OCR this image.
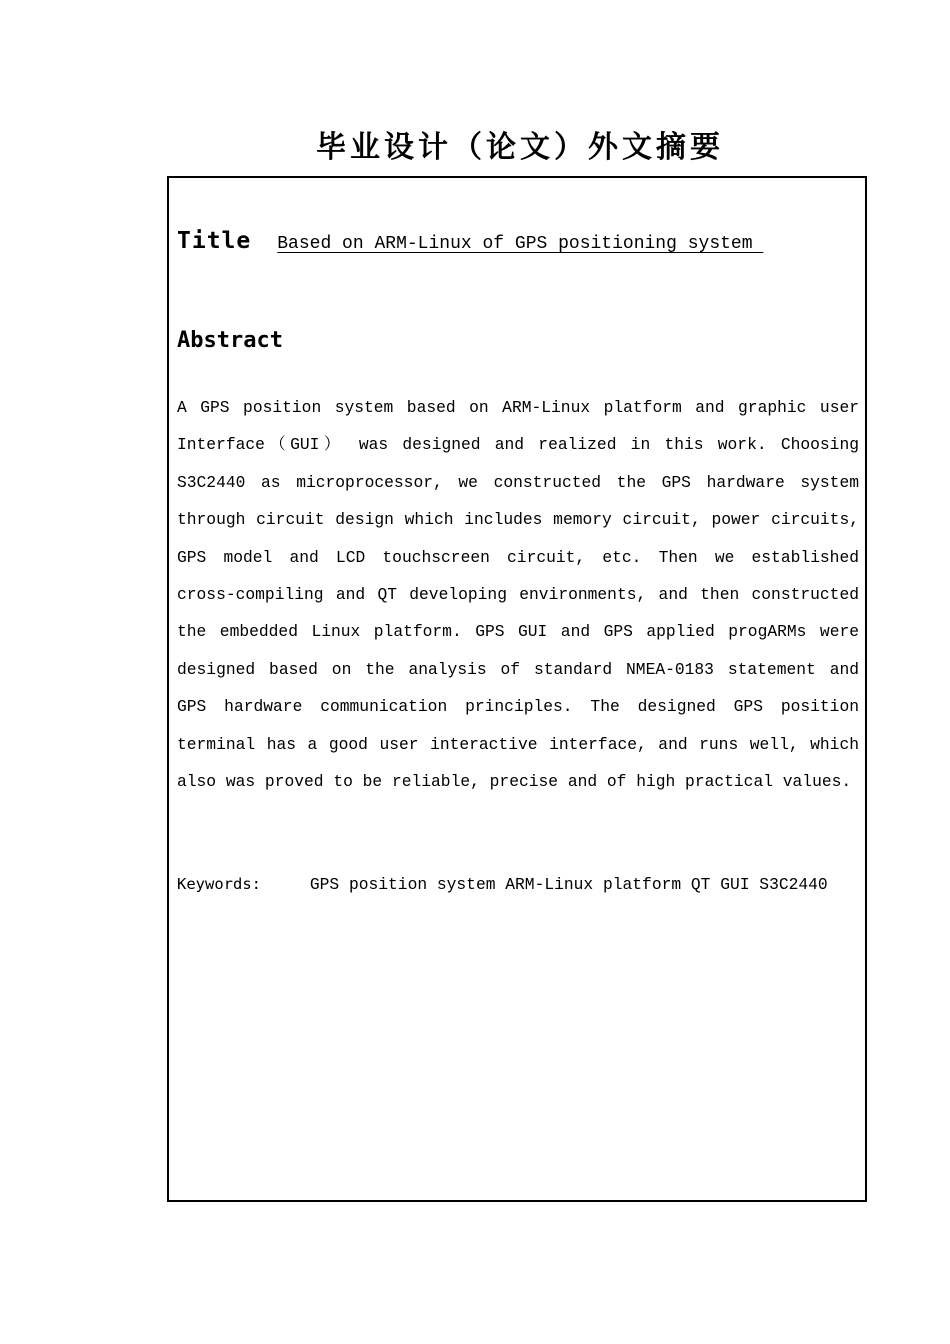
毕业设计（论文）外文摘要
Title Based on ARM-Linux of GPS positioning system
Abstract

A GPS position system based on ARM-Linux platform and graphic user Interface（GUI） was designed and realized in this work. Choosing S3C2440 as microprocessor, we constructed the GPS hardware system through circuit design which includes memory circuit, power circuits, GPS model and LCD touchscreen circuit, etc. Then we established cross-compiling and QT developing environments, and then constructed the embedded Linux platform. GPS GUI and GPS applied progARMs were designed based on the analysis of standard NMEA-0183 statement and GPS hardware communication principles. The designed GPS position terminal has a good user interactive interface, and runs well, which also was proved to be reliable, precise and of high practical values.

Keywords:	GPS position system ARM-Linux platform QT GUI S3C2440
